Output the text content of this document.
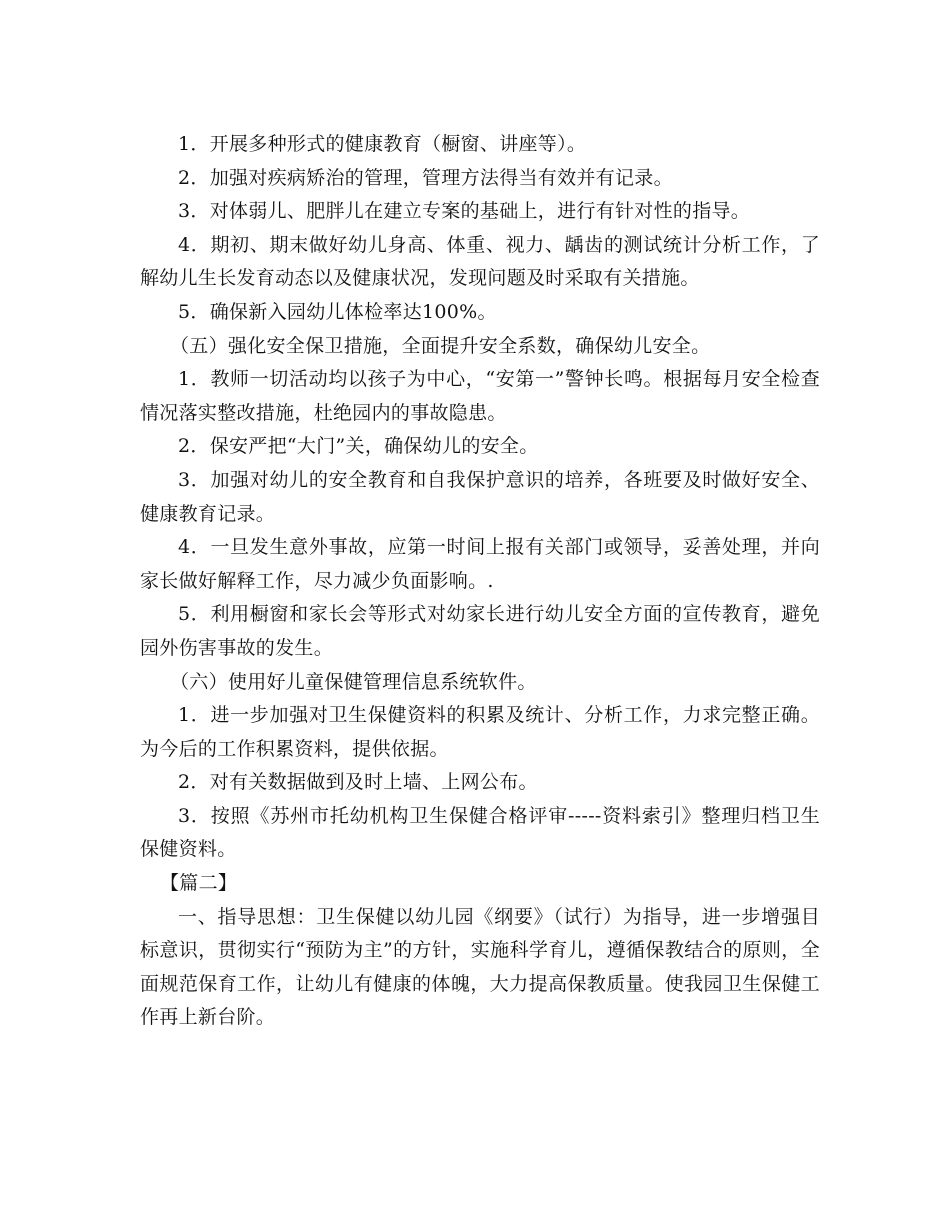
1．开展多种形式的健康教育（橱窗、讲座等）。

2．加强对疾病矫治的管理，管理方法得当有效并有记录。

3．对体弱儿、肥胖儿在建立专案的基础上，进行有针对性的指导。

4．期初、期末做好幼儿身高、体重、视力、龋齿的测试统计分析工作，了解幼儿生长发育动态以及健康状况，发现问题及时采取有关措施。

5．确保新入园幼儿体检率达100%。

（五）强化安全保卫措施，全面提升安全系数，确保幼儿安全。

1．教师一切活动均以孩子为中心，“安第一”警钟长鸣。根据每月安全检查情况落实整改措施，杜绝园内的事故隐患。

2．保安严把“大门”关，确保幼儿的安全。

3．加强对幼儿的安全教育和自我保护意识的培养，各班要及时做好安全、健康教育记录。

4．一旦发生意外事故，应第一时间上报有关部门或领导，妥善处理，并向家长做好解释工作，尽力减少负面影响。.

5．利用橱窗和家长会等形式对幼家长进行幼儿安全方面的宣传教育，避免园外伤害事故的发生。

（六）使用好儿童保健管理信息系统软件。

1．进一步加强对卫生保健资料的积累及统计、分析工作，力求完整正确。为今后的工作积累资料，提供依据。

2．对有关数据做到及时上墙、上网公布。

3．按照《苏州市托幼机构卫生保健合格评审-----资料索引》整理归档卫生保健资料。

【篇二】

一、指导思想：卫生保健以幼儿园《纲要》（试行）为指导，进一步增强目标意识，贯彻实行“预防为主”的方针，实施科学育儿，遵循保教结合的原则，全面规范保育工作，让幼儿有健康的体魄，大力提高保教质量。使我园卫生保健工作再上新台阶。
